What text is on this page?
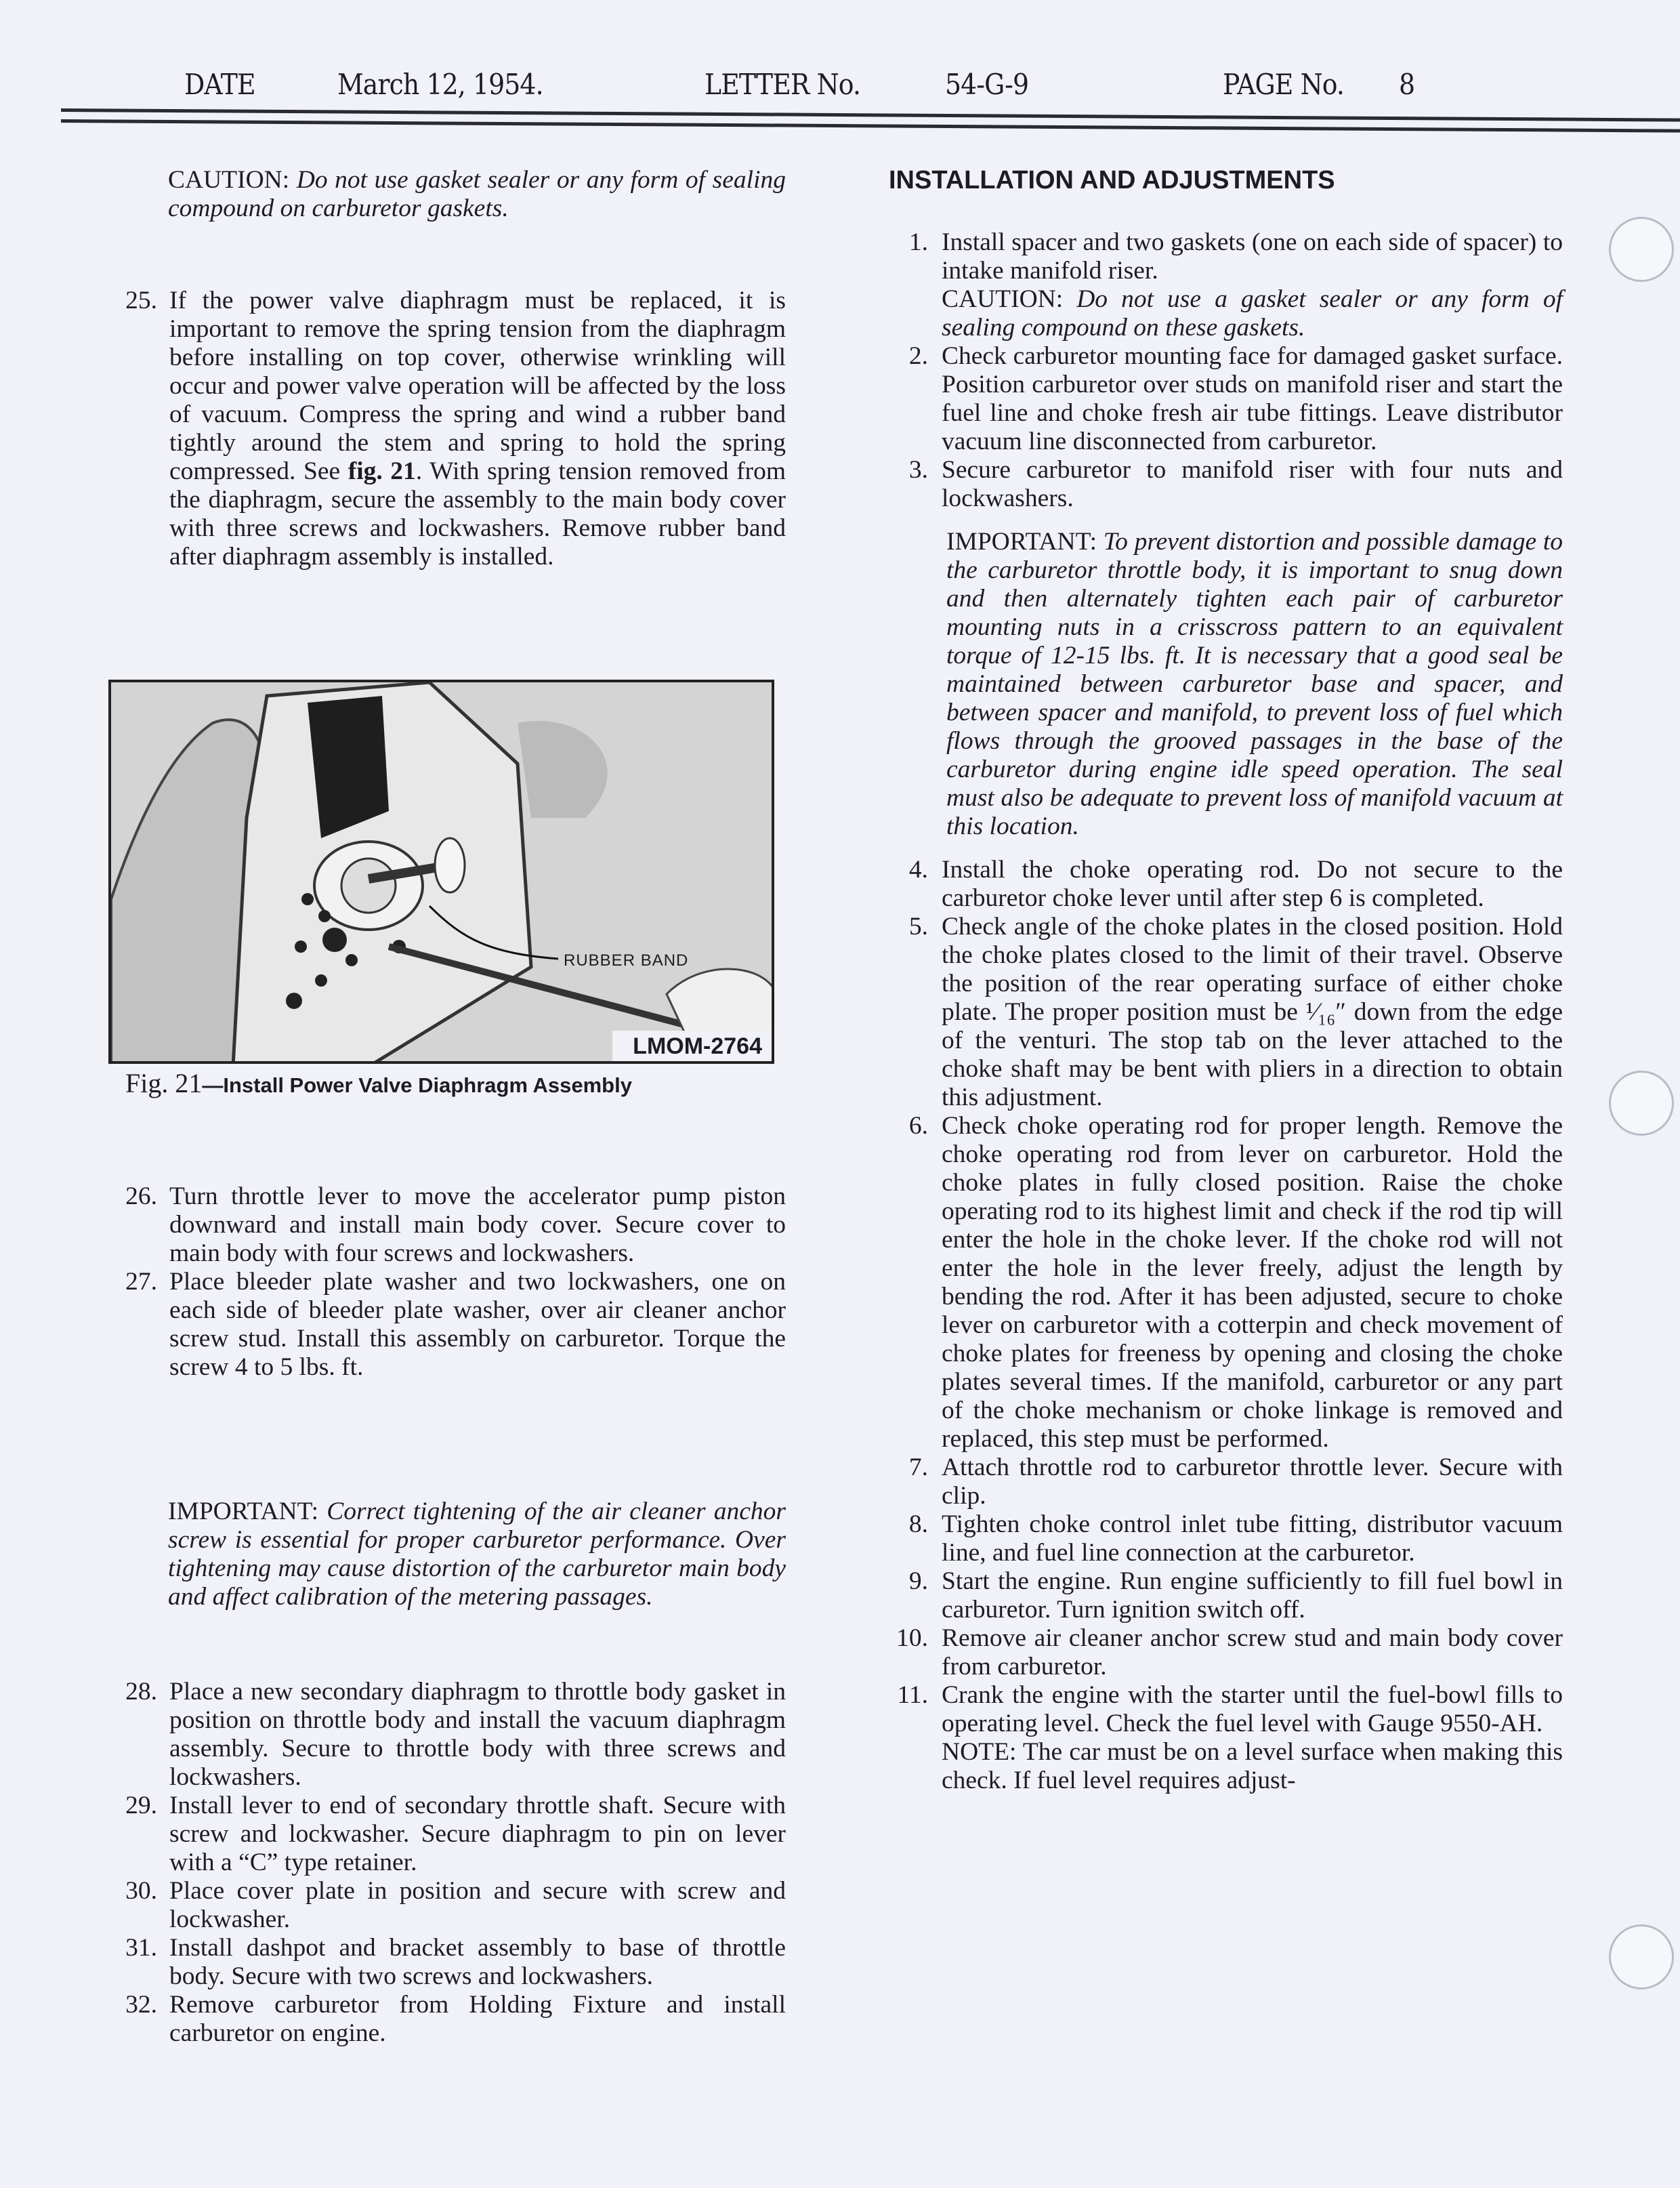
DATE	March 12, 1954.	LETTER No.	54-G-9	PAGE No. 8
CAUTION: Do not use gasket sealer or any form of sealing compound on carburetor gaskets.
25. If the power valve diaphragm must be replaced, it is important to remove the spring tension from the diaphragm before installing on top cover, otherwise wrinkling will occur and power valve operation will be affected by the loss of vacuum. Compress the spring and wind a rubber band tightly around the stem and spring to hold the spring compressed. See fig. 21. With spring tension removed from the diaphragm, secure the assembly to the main body cover with three screws and lockwashers. Remove rubber band after diaphragm assembly is installed.
RUBBER BAND
LMOM-2764
Fig. 21—Install Power Valve Diaphragm Assembly
26. Turn throttle lever to move the accelerator pump piston downward and install main body cover. Secure cover to main body with four screws and lockwashers.
27. Place bleeder plate washer and two lockwashers, one on each side of bleeder plate washer, over air cleaner anchor screw stud. Install this assembly on carburetor. Torque the screw 4 to 5 lbs. ft.
IMPORTANT: Correct tightening of the air cleaner anchor screw is essential for proper carburetor performance. Over tightening may cause distortion of the carburetor main body and affect calibration of the metering passages.
28. Place a new secondary diaphragm to throttle body gasket in position on throttle body and install the vacuum diaphragm assembly. Secure to throttle body with three screws and lockwashers.
29. Install lever to end of secondary throttle shaft. Secure with screw and lockwasher. Secure diaphragm to pin on lever with a “C” type retainer.
30. Place cover plate in position and secure with screw and lockwasher.
31. Install dashpot and bracket assembly to base of throttle body. Secure with two screws and lockwashers.
32. Remove carburetor from Holding Fixture and install carburetor on engine.
INSTALLATION AND ADJUSTMENTS
1. Install spacer and two gaskets (one on each side of spacer) to intake manifold riser.
CAUTION: Do not use a gasket sealer or any form of sealing compound on these gaskets.
2. Check carburetor mounting face for damaged gasket surface. Position carburetor over studs on manifold riser and start the fuel line and choke fresh air tube fittings. Leave distributor vacuum line disconnected from carburetor.
3. Secure carburetor to manifold riser with four nuts and lockwashers.
IMPORTANT: To prevent distortion and possible damage to the carburetor throttle body, it is important to snug down and then alternately tighten each pair of carburetor mounting nuts in a crisscross pattern to an equivalent torque of 12-15 lbs. ft. It is necessary that a good seal be maintained between carburetor base and spacer, and between spacer and manifold, to prevent loss of fuel which flows through the grooved passages in the base of the carburetor during engine idle speed operation. The seal must also be adequate to prevent loss of manifold vacuum at this location.
4. Install the choke operating rod. Do not secure to the carburetor choke lever until after step 6 is completed.
5. Check angle of the choke plates in the closed position. Hold the choke plates closed to the limit of their travel. Observe the position of the rear operating surface of either choke plate. The proper position must be ¹⁄₁₆″ down from the edge of the venturi. The stop tab on the lever attached to the choke shaft may be bent with pliers in a direction to obtain this adjustment.
6. Check choke operating rod for proper length. Remove the choke operating rod from lever on carburetor. Hold the choke plates in fully closed position. Raise the choke operating rod to its highest limit and check if the rod tip will enter the hole in the choke lever. If the choke rod will not enter the hole in the lever freely, adjust the length by bending the rod. After it has been adjusted, secure to choke lever on carburetor with a cotterpin and check movement of choke plates for freeness by opening and closing the choke plates several times. If the manifold, carburetor or any part of the choke mechanism or choke linkage is removed and replaced, this step must be performed.
7. Attach throttle rod to carburetor throttle lever. Secure with clip.
8. Tighten choke control inlet tube fitting, distributor vacuum line, and fuel line connection at the carburetor.
9. Start the engine. Run engine sufficiently to fill fuel bowl in carburetor. Turn ignition switch off.
10. Remove air cleaner anchor screw stud and main body cover from carburetor.
11. Crank the engine with the starter until the fuel-bowl fills to operating level. Check the fuel level with Gauge 9550-AH.
NOTE: The car must be on a level surface when making this check. If fuel level requires adjust-
